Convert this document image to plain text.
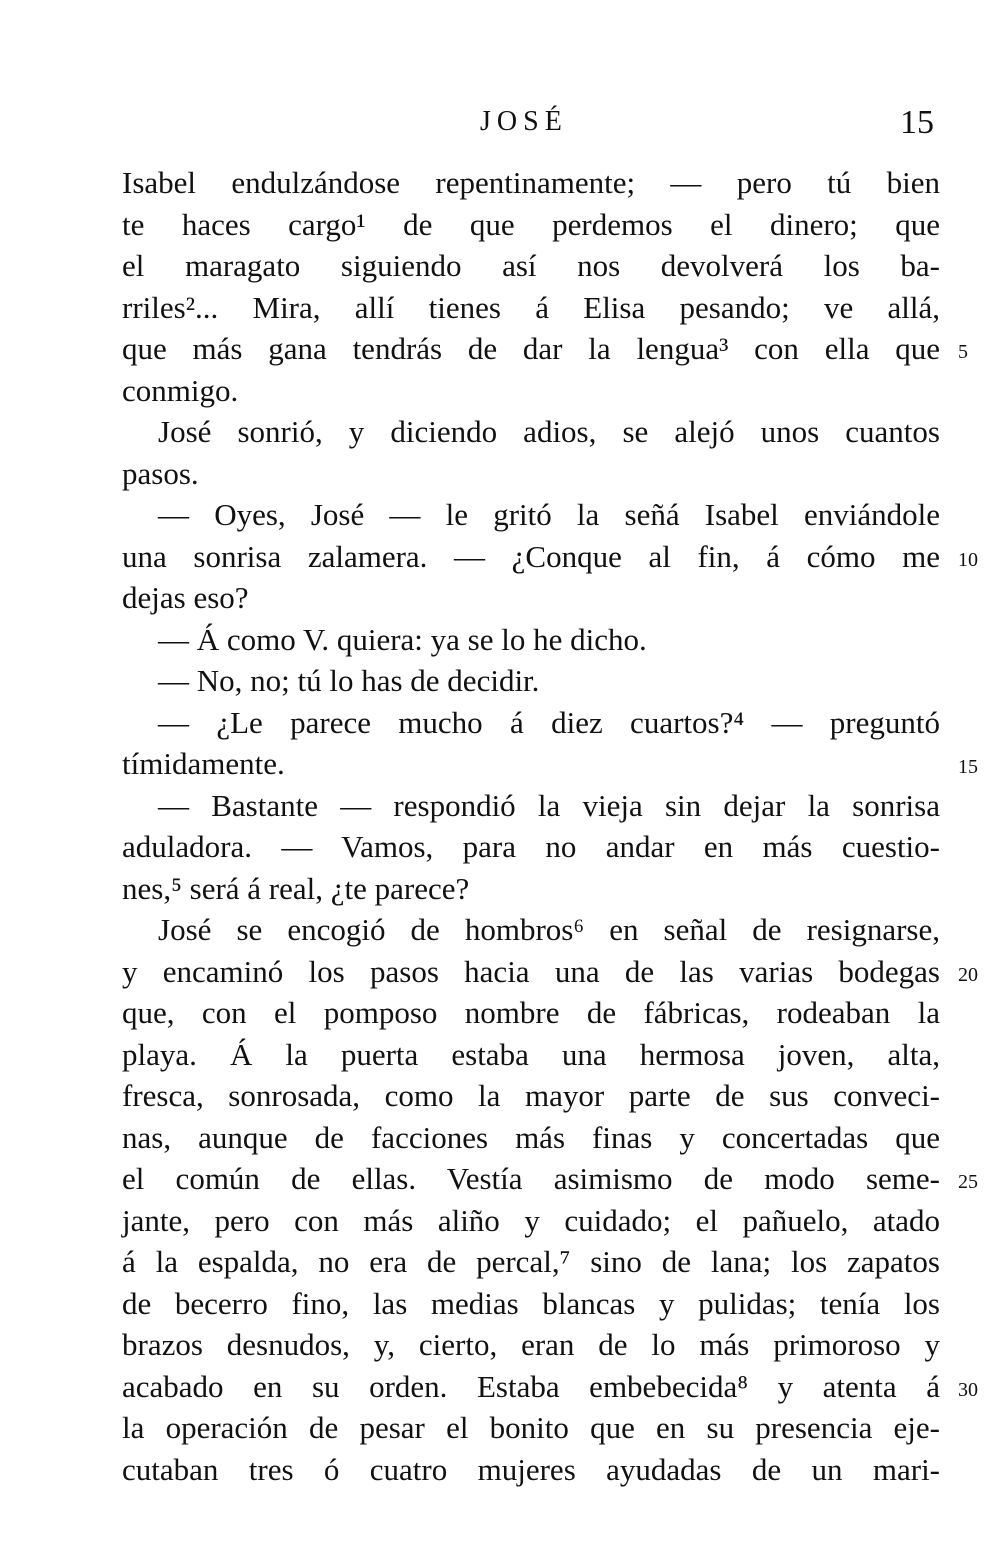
JOSÉ	15
Isabel endulzándose repentinamente; — pero tú bien
te haces cargo¹ de que perdemos el dinero; que
el maragato siguiendo así nos devolverá los ba-
rriles²... Mira, allí tienes á Elisa pesando; ve allá,
que más gana tendrás de dar la lengua³ con ella que 5
conmigo.
José sonrió, y diciendo adios, se alejó unos cuantos
pasos.
— Oyes, José — le gritó la señá Isabel enviándole
una sonrisa zalamera. — ¿Conque al fin, á cómo me 10
dejas eso?
— Á como V. quiera: ya se lo he dicho.
— No, no; tú lo has de decidir.
— ¿Le parece mucho á diez cuartos?⁴ — preguntó
tímidamente.	15
— Bastante — respondió la vieja sin dejar la sonrisa
aduladora. — Vamos, para no andar en más cuestio-
nes,⁵ será á real, ¿te parece?
José se encogió de hombros⁶ en señal de resignarse,
y encaminó los pasos hacia una de las varias bodegas 20
que, con el pomposo nombre de fábricas, rodeaban la
playa. Á la puerta estaba una hermosa joven, alta,
fresca, sonrosada, como la mayor parte de sus conveci-
nas, aunque de facciones más finas y concertadas que
el común de ellas. Vestía asimismo de modo seme- 25
jante, pero con más aliño y cuidado; el pañuelo, atado
á la espalda, no era de percal,⁷ sino de lana; los zapatos
de becerro fino, las medias blancas y pulidas; tenía los
brazos desnudos, y, cierto, eran de lo más primoroso y
acabado en su orden. Estaba embebecida⁸ y atenta á 30
la operación de pesar el bonito que en su presencia eje-
cutaban tres ó cuatro mujeres ayudadas de un mari-
